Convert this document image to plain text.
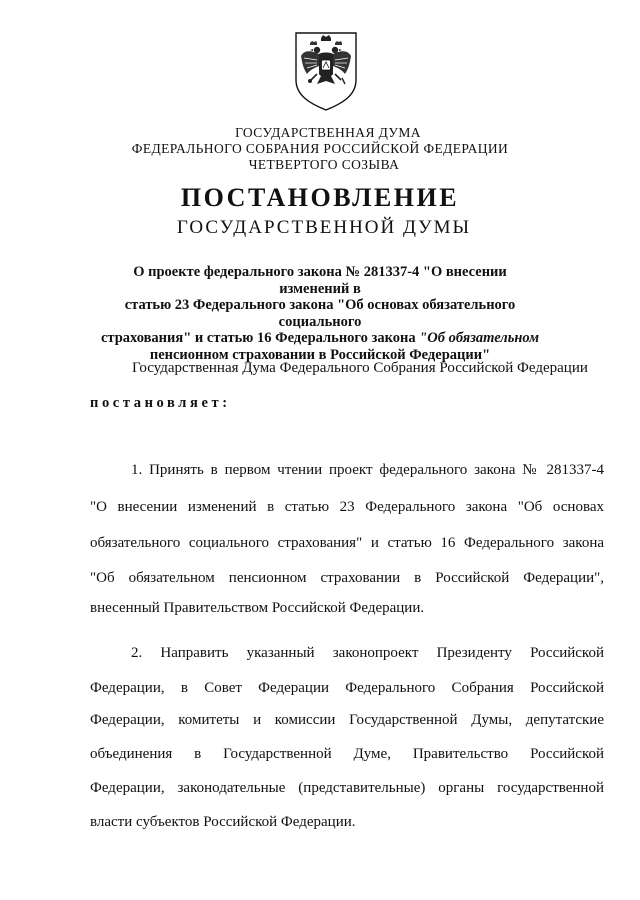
ГОСУДАРСТВЕННАЯ ДУМА
ФЕДЕРАЛЬНОГО СОБРАНИЯ РОССИЙСКОЙ ФЕДЕРАЦИИ
ЧЕТВЕРТОГО СОЗЫВА
ПОСТАНОВЛЕНИЕ
ГОСУДАРСТВЕННОЙ ДУМЫ
О проекте федерального закона № 281337-4 "О внесении изменений в
статью 23 Федерального закона "Об основах обязательного социального
страхования" и статью 16 Федерального закона "Об обязательном
пенсионном страховании в Российской Федерации"
Государственная Дума Федерального Собрания Российской Федерации
постановляет:
1. Принять в первом чтении проект федерального закона № 281337-4
"О внесении изменений в статью 23 Федерального закона "Об основах
обязательного социального страхования" и статью 16 Федерального закона
"Об обязательном пенсионном страховании в Российской Федерации",
внесенный Правительством Российской Федерации.
2. Направить указанный законопроект Президенту Российской
Федерации, в Совет Федерации Федерального Собрания Российской
Федерации, комитеты и комиссии Государственной Думы, депутатские
объединения в Государственной Думе, Правительство Российской
Федерации, законодательные (представительные) органы государственной
власти субъектов Российской Федерации.
